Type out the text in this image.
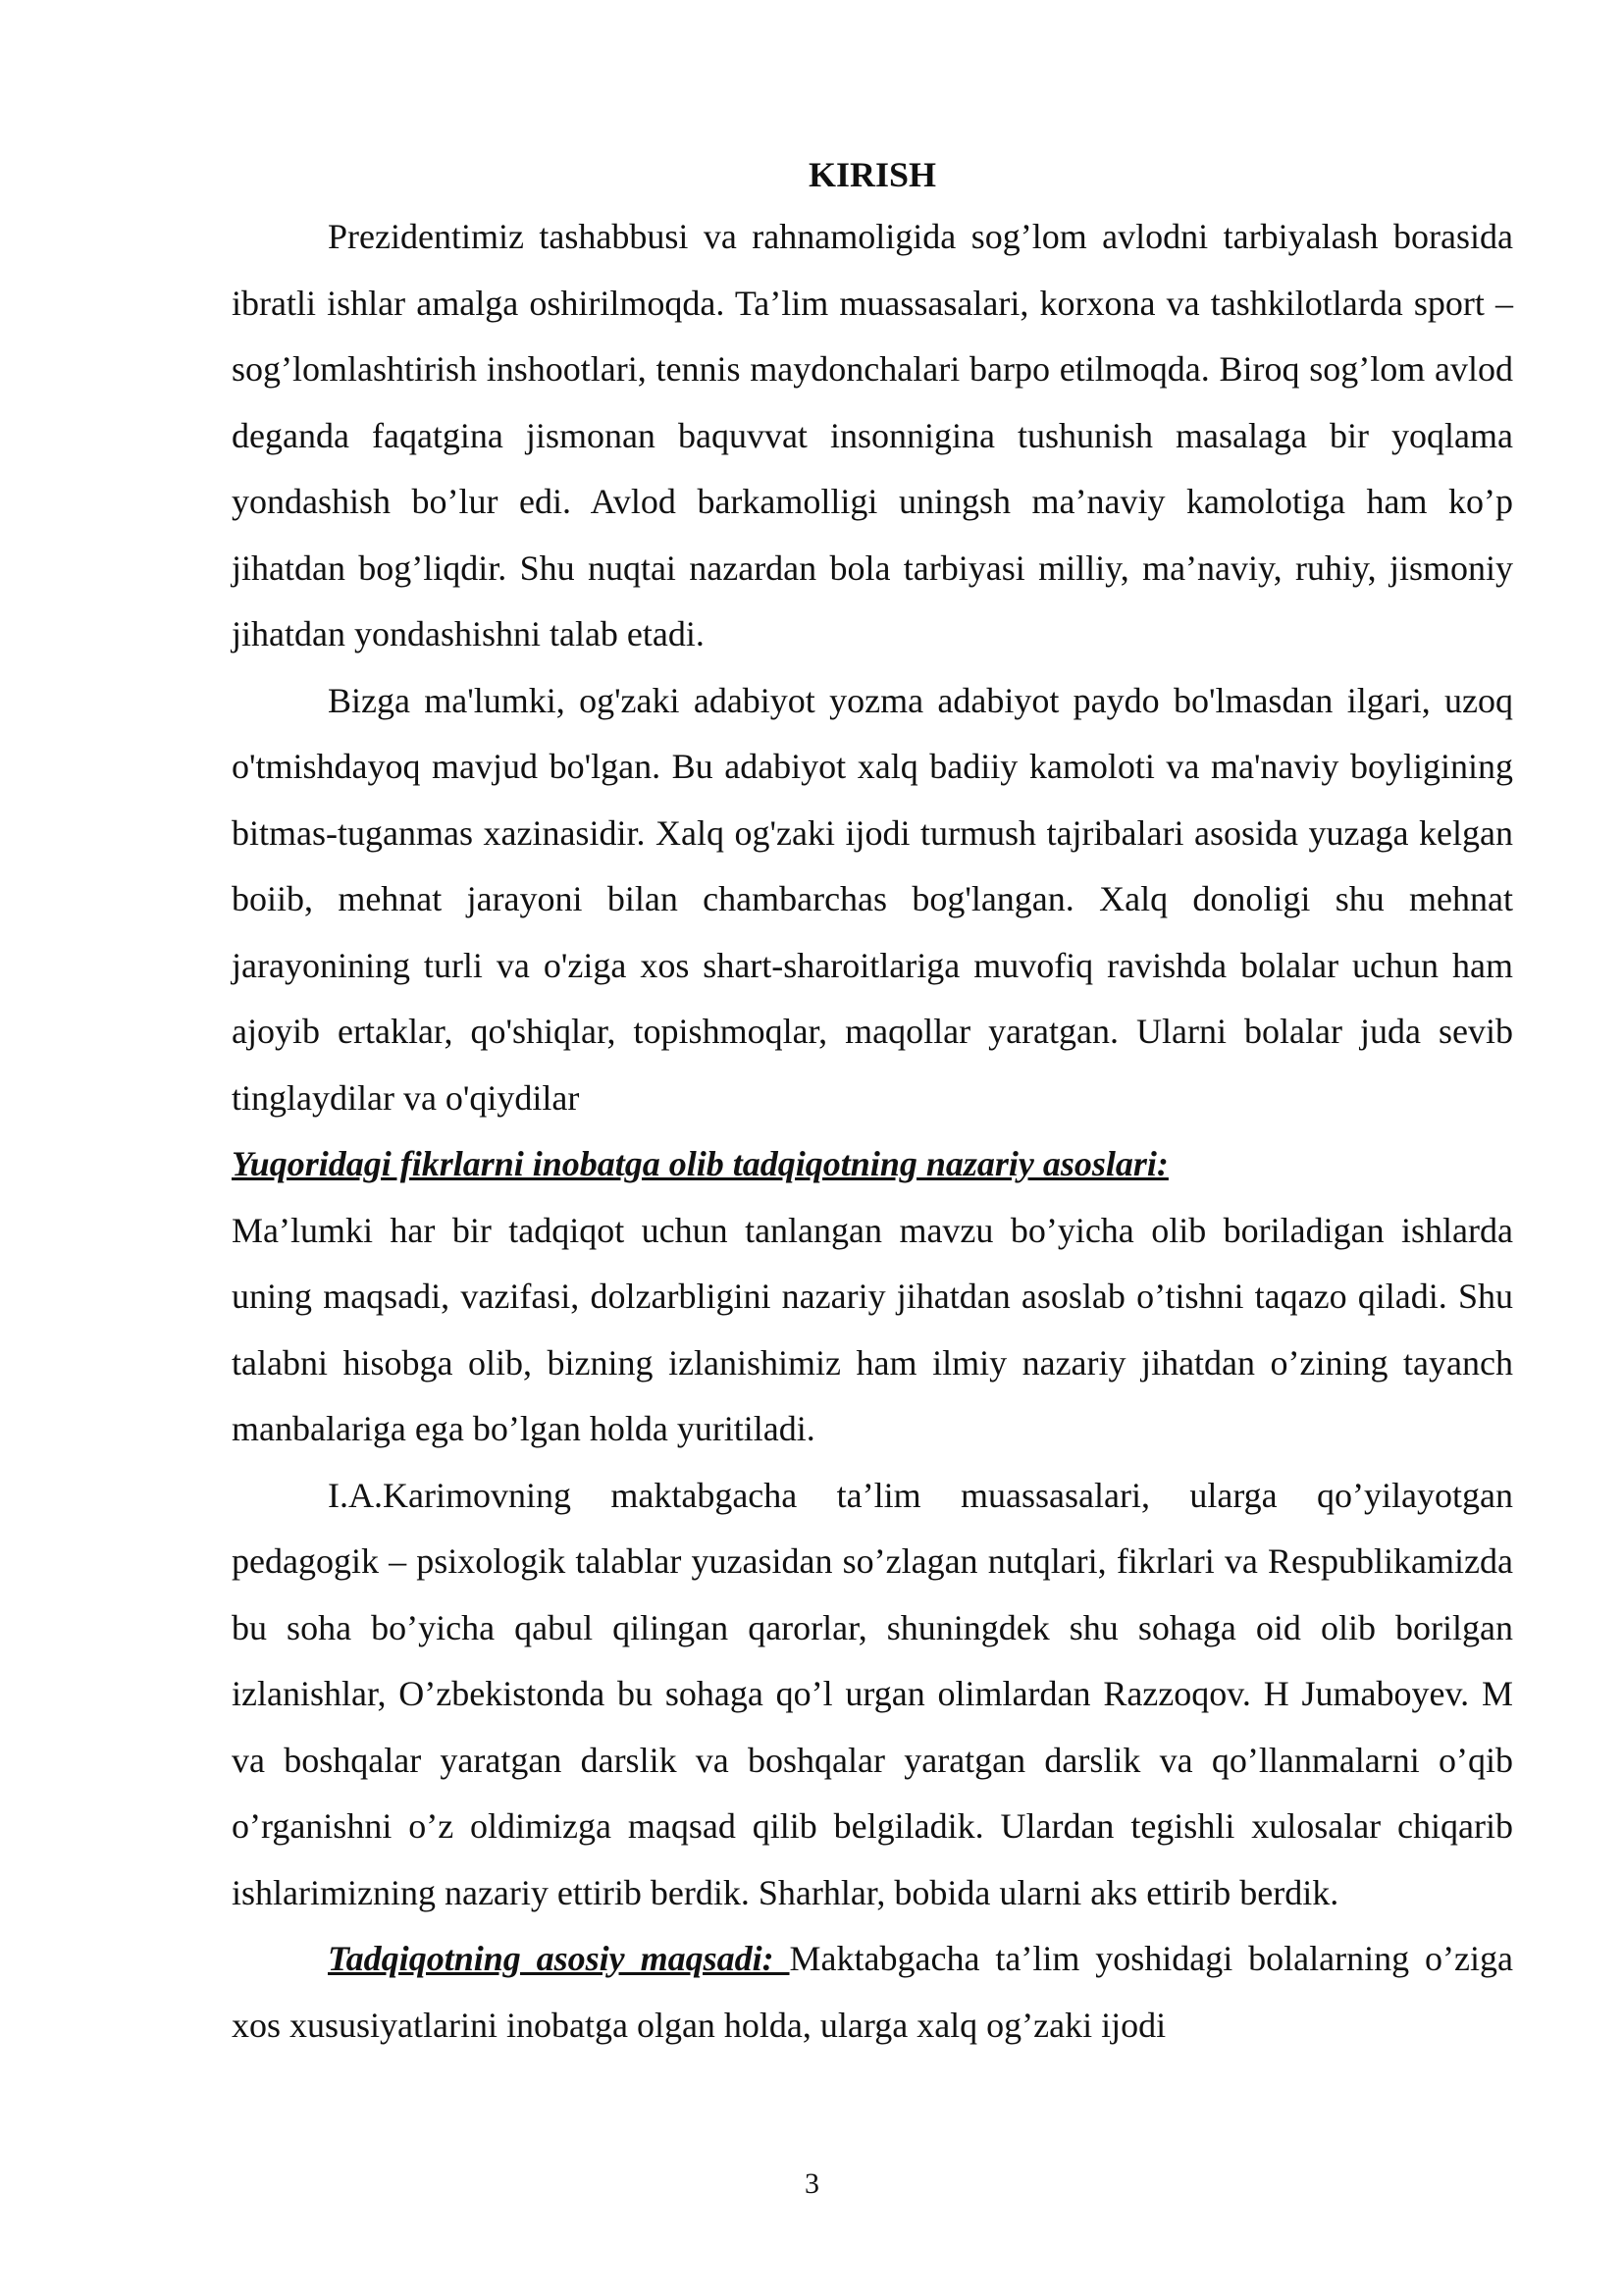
KIRISH

Prezidentimiz tashabbusi va rahnamoligida sog’lom avlodni tarbiyalash borasida ibratli ishlar amalga oshirilmoqda. Ta’lim muassasalari, korxona va tashkilotlarda sport – sog’lomlashtirish inshootlari, tennis maydonchalari barpo etilmoqda. Biroq sog’lom avlod deganda faqatgina jismonan baquvvat insonnigina tushunish masalaga bir yoqlama yondashish bo’lur edi. Avlod barkamolligi uningsh ma’naviy kamolotiga ham ko’p jihatdan bog’liqdir. Shu nuqtai nazardan bola tarbiyasi milliy, ma’naviy, ruhiy, jismoniy jihatdan yondashishni talab etadi.

Bizga ma'lumki, og'zaki adabiyot yozma adabiyot paydo bo'lmasdan ilgari, uzoq o'tmishdayoq mavjud bo'lgan. Bu adabiyot xalq badiiy kamoloti va ma'naviy boyligining bitmas-tuganmas xazinasidir. Xalq og'zaki ijodi turmush tajribalari asosida yuzaga kelgan boiib, mehnat jarayoni bilan chambarchas bog'langan. Xalq donoligi shu mehnat jarayonining turli va o'ziga xos shart-sharoitlariga muvofiq ravishda bolalar uchun ham ajoyib ertaklar, qo'shiqlar, topishmoqlar, maqollar yaratgan. Ularni bolalar juda sevib tinglaydilar va o'qiydilar

Yuqoridagi fikrlarni inobatga olib tadqiqotning nazariy asoslari:

Ma’lumki har bir tadqiqot uchun tanlangan mavzu bo’yicha olib boriladigan ishlarda uning maqsadi, vazifasi, dolzarbligini nazariy jihatdan asoslab o’tishni taqazo qiladi. Shu talabni hisobga olib, bizning izlanishimiz ham ilmiy nazariy jihatdan o’zining tayanch manbalariga ega bo’lgan holda yuritiladi.

I.A.Karimovning maktabgacha ta’lim muassasalari, ularga qo’yilayotgan pedagogik – psixologik talablar yuzasidan so’zlagan nutqlari, fikrlari va Respublikamizda bu soha bo’yicha qabul qilingan qarorlar, shuningdek shu sohaga oid olib borilgan izlanishlar, O’zbekistonda bu sohaga qo’l urgan olimlardan Razzoqov. H Jumaboyev. M va boshqalar yaratgan darslik va boshqalar yaratgan darslik va qo’llanmalarni o’qib o’rganishni o’z oldimizga maqsad qilib belgiladik. Ulardan tegishli xulosalar chiqarib ishlarimizning nazariy ettirib berdik. Sharhlar, bobida ularni aks ettirib berdik.

Tadqiqotning asosiy maqsadi: Maktabgacha ta’lim yoshidagi bolalarning o’ziga xos xususiyatlarini inobatga olgan holda, ularga xalq og’zaki ijodi

3
